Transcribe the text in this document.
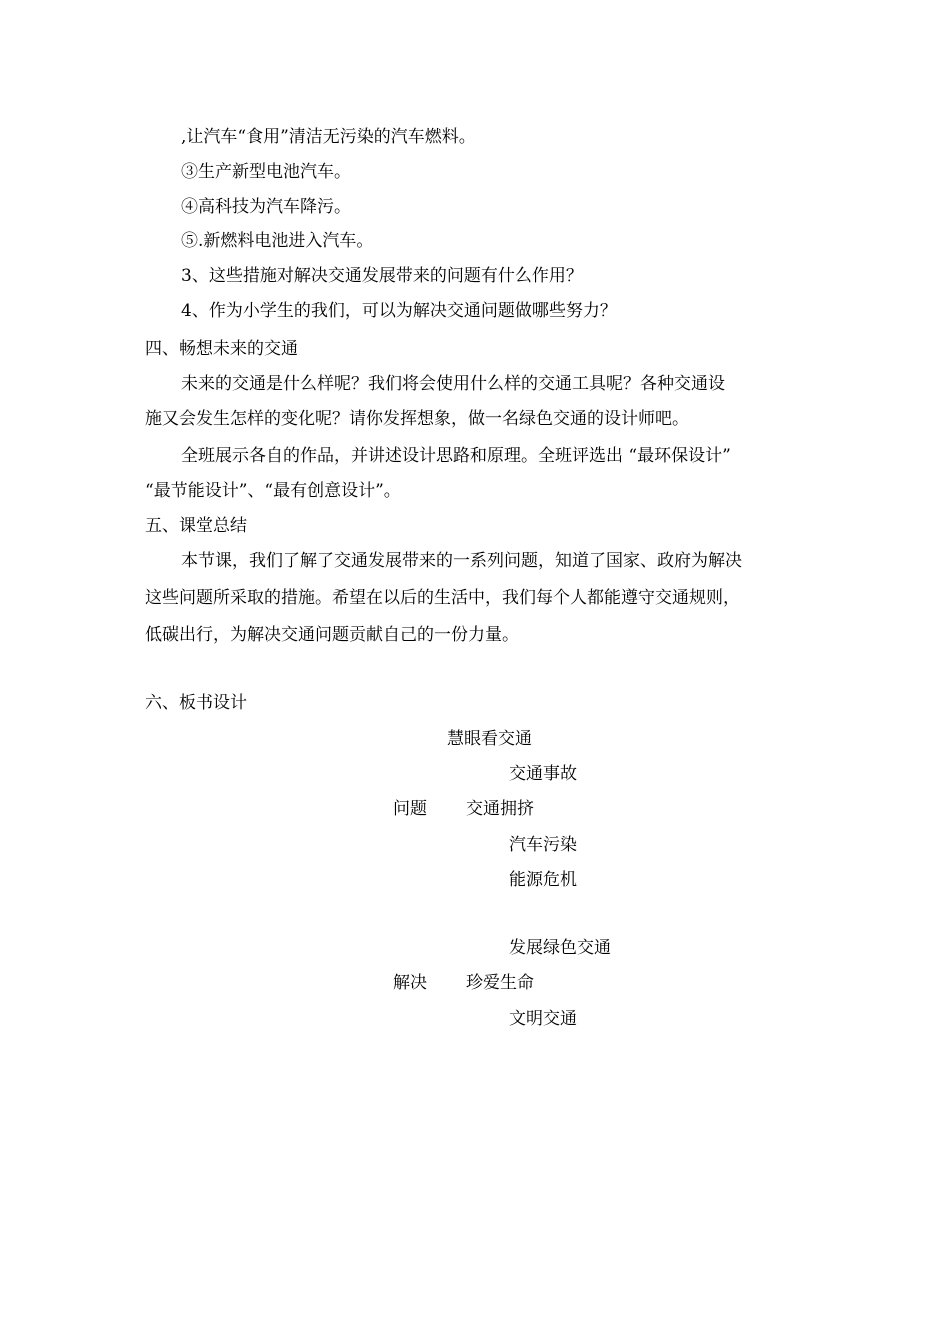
,让汽车“食用”清洁无污染的汽车燃料。
③生产新型电池汽车。
④高科技为汽车降污。
⑤.新燃料电池进入汽车。
3、这些措施对解决交通发展带来的问题有什么作用？
4、作为小学生的我们，可以为解决交通问题做哪些努力？
四、畅想未来的交通
未来的交通是什么样呢？我们将会使用什么样的交通工具呢？各种交通设
施又会发生怎样的变化呢？请你发挥想象，做一名绿色交通的设计师吧。
全班展示各自的作品，并讲述设计思路和原理。全班评选出 “最环保设计”
“最节能设计”、“最有创意设计”。
五、课堂总结
本节课，我们了解了交通发展带来的一系列问题，知道了国家、政府为解决
这些问题所采取的措施。希望在以后的生活中，我们每个人都能遵守交通规则，
低碳出行，为解决交通问题贡献自己的一份力量。
六、板书设计
慧眼看交通
交通事故
问题 交通拥挤
汽车污染
能源危机
发展绿色交通
解决 珍爱生命
文明交通
